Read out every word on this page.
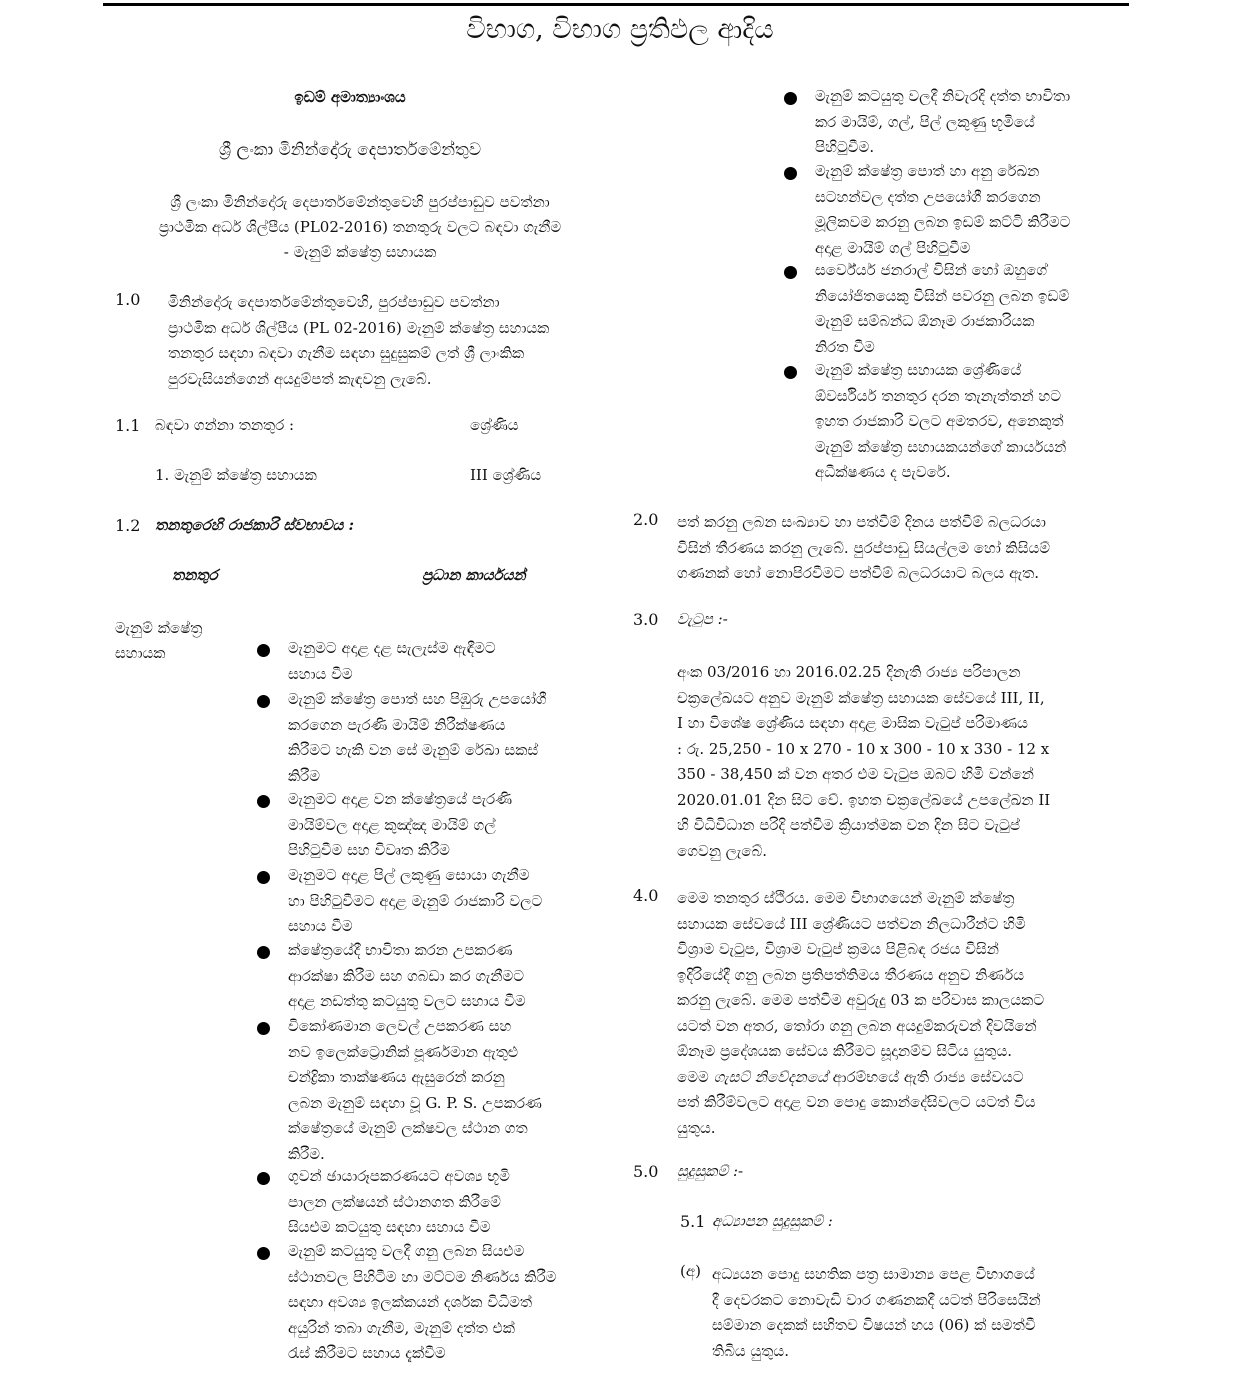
විභාග, විභාග ප්‍රතිඵල ආදිය
ඉඩම් අමාත්‍යාංශය
ශ්‍රී ලංකා මිනින්දෝරු දෙපාර්තමේන්තුව
ශ්‍රී ලංකා මිනින්දෝරු දෙපාර්තමේන්තුවෙහි පුරප්පාඩුව පවත්නා
ප්‍රාථමික අර්ධ ශිල්පීය (PL02-2016) තනතුරු වලට බඳවා ගැනීම
- මැනුම් ක්ෂේත්‍ර සහායක
1.0 මිනින්දෝරු දෙපාර්තමේන්තුවෙහි, පුරප්පාඩුව පවත්නා
ප්‍රාථමික අර්ධ ශිල්පීය (PL 02-2016) මැනුම් ක්ෂේත්‍ර සහායක
තනතුර සඳහා බඳවා ගැනීම සඳහා සුදුසුකම් ලත් ශ්‍රී ලාංකික
පුරවැසියන්ගෙන් අයදුම්පත් කැඳවනු ලැබේ.
1.1 බඳවා ගන්නා තනතුර :	ශ්‍රේණිය
1. මැනුම් ක්ෂේත්‍ර සහායක	III ශ්‍රේණිය
1.2 තනතුරෙහි රාජකාරි ස්වභාවය :
තනතුර	ප්‍රධාන කාර්යයන්
මැනුම් ක්ෂේත්‍ර
සහායක	මැනුමට අදාළ දළ සැලැස්ම ඇඳීමට
සහාය වීම
මැනුම් ක්ෂේත්‍ර පොත් සහ පිඹුරු උපයෝගී
කරගෙන පැරණි මායිම් නිරීක්ෂණය
කිරීමට හැකි වන සේ මැනුම් රේඛා සකස්
කිරීම
මැනුමට අදාළ වන ක්ෂේත්‍රයේ පැරණි
මායිම්වල අදාළ කුඤ්ඤ මායිම් ගල්
පිහිටුවීම සහ විවෘත කිරීම
මැනුමට අදාළ පිල් ලකුණු සොයා ගැනීම
හා පිහිටුවීමට අදාළ මැනුම් රාජකාරි වලට
සහාය වීම
ක්ෂේත්‍රයේදී භාවිතා කරන උපකරණ
ආරක්ෂා කිරීම සහ ගබඩා කර ගැනීමට
අදාළ නඩත්තු කටයුතු වලට සහාය වීම
විකෝණමාන ලෙවල් උපකරණ සහ
නව ඉලෙක්ට්‍රොනික් පූර්ණමාන ඇතුළු
චන්ද්‍රිකා තාක්ෂණය ඇසුරෙන් කරනු
ලබන මැනුම් සඳහා වූ G. P. S. උපකරණ
ක්ෂේත්‍රයේ මැනුම් ලක්ෂවල ස්ථාන ගත
කිරීම.
ගුවන් ඡායාරූපකරණයට අවශ්‍ය භූමි
පාලන ලක්ෂයන් ස්ථානගත කිරීමේ
සියළුම කටයුතු සඳහා සහාය වීම
මැනුම් කටයුතු වලදී ගනු ලබන සියළුම
ස්ථානවල පිහිටීම හා මට්ටම නිර්ණය කිරීම
සඳහා අවශ්‍ය ඉලක්කයන් දර්ශක විධිමත්
අයුරින් තබා ගැනීම, මැනුම් දත්ත එක්
රැස් කිරීමට සහාය දැක්වීම
මැනුම් කටයුතු වලදී නිවැරදි දත්ත භාවිතා
කර මායිම්, ගල්, පිල් ලකුණු භූමියේ
පිහිටුවීම.
මැනුම් ක්ෂේත්‍ර පොත් හා අනු රේඛන
සටහන්වල දත්ත උපයෝගී කරගෙන
මූලිකවම කරනු ලබන ඉඩම් කට්ටි කිරීමට
අදාළ මායිම් ගල් පිහිටුවීම
සර්වේයර් ජනරාල් විසින් හෝ ඔහුගේ
නියෝජිතයෙකු විසින් පවරනු ලබන ඉඩම්
මැනුම් සම්බන්ධ ඕනෑම රාජකාරියක
නිරත වීම
මැනුම් ක්ෂේත්‍ර සහායක ශ්‍රේණියේ
ඕවර්සියර් තනතුර දරන තැනැත්තන් හට
ඉහත රාජකාරි වලට අමතරව, අනෙකුත්
මැනුම් ක්ෂේත්‍ර සහායකයන්ගේ කාර්යයන්
අධීක්ෂණය ද පැවරේ.
2.0 පත් කරනු ලබන සංඛ්‍යාව හා පත්වීම් දිනය පත්වීම් බලධරයා
විසින් තීරණය කරනු ලැබේ. පුරප්පාඩු සියල්ලම හෝ කිසියම්
ගණනක් හෝ නොපිරවීමට පත්වීම් බලධරයාට බලය ඇත.
3.0 වැටුප :-
අංක 03/2016 හා 2016.02.25 දිනැති රාජ්‍ය පරිපාලන
චක්‍රලේඛයට අනුව මැනුම් ක්ෂේත්‍ර සහායක සේවයේ III, II,
I හා විශේෂ ශ්‍රේණිය සඳහා අදාළ මාසික වැටුප් පරිමාණය
: රු. 25,250 - 10 x 270 - 10 x 300 - 10 x 330 - 12 x
350 - 38,450 ක් වන අතර එම වැටුප ඔබට හිමි වන්නේ
2020.01.01 දින සිට වේ. ඉහත චක්‍රලේඛයේ උපලේඛන II
හි විධිවිධාන පරිදි පත්වීම ක්‍රියාත්මක වන දින සිට වැටුප්
ගෙවනු ලැබේ.
4.0 මෙම තනතුර ස්ථිරය. මෙම විභාගයෙන් මැනුම් ක්ෂේත්‍ර
සහායක සේවයේ III ශ්‍රේණියට පත්වන නිලධාරීන්ට හිමි
විශ්‍රාම වැටුප, විශ්‍රාම වැටුප් ක්‍රමය පිළිබඳ රජය විසින්
ඉදිරියේදී ගනු ලබන ප්‍රතිපත්තිමය තීරණය අනුව නිර්ණය
කරනු ලැබේ. මෙම පත්වීම අවුරුදු 03 ක පරිවාස කාලයකට
යටත් වන අතර, තෝරා ගනු ලබන අයදුම්කරුවන් දිවයිනේ
ඕනෑම ප්‍රදේශයක සේවය කිරීමට සූදානම්ව සිටිය යුතුය.
මෙම ගැසට් නිවේදනයේ ආරම්භයේ ඇති රාජ්‍ය සේවයට
පත් කිරීම්වලට අදාළ වන පොදු කොන්දේසිවලට යටත් විය
යුතුය.
5.0 සුදුසුකම් :-
5.1 අධ්‍යාපන සුදුසුකම් :
(අ) අධ්‍යයන පොදු සහතික පත්‍ර සාමාන්‍ය පෙළ විභාගයේ
දී දෙවරකට නොවැඩි වාර ගණනකදී යටත් පිරිසෙයින්
සම්මාන දෙකක් සහිතව විෂයන් හය (06) ක් සමත්වී
තිබිය යුතුය.
